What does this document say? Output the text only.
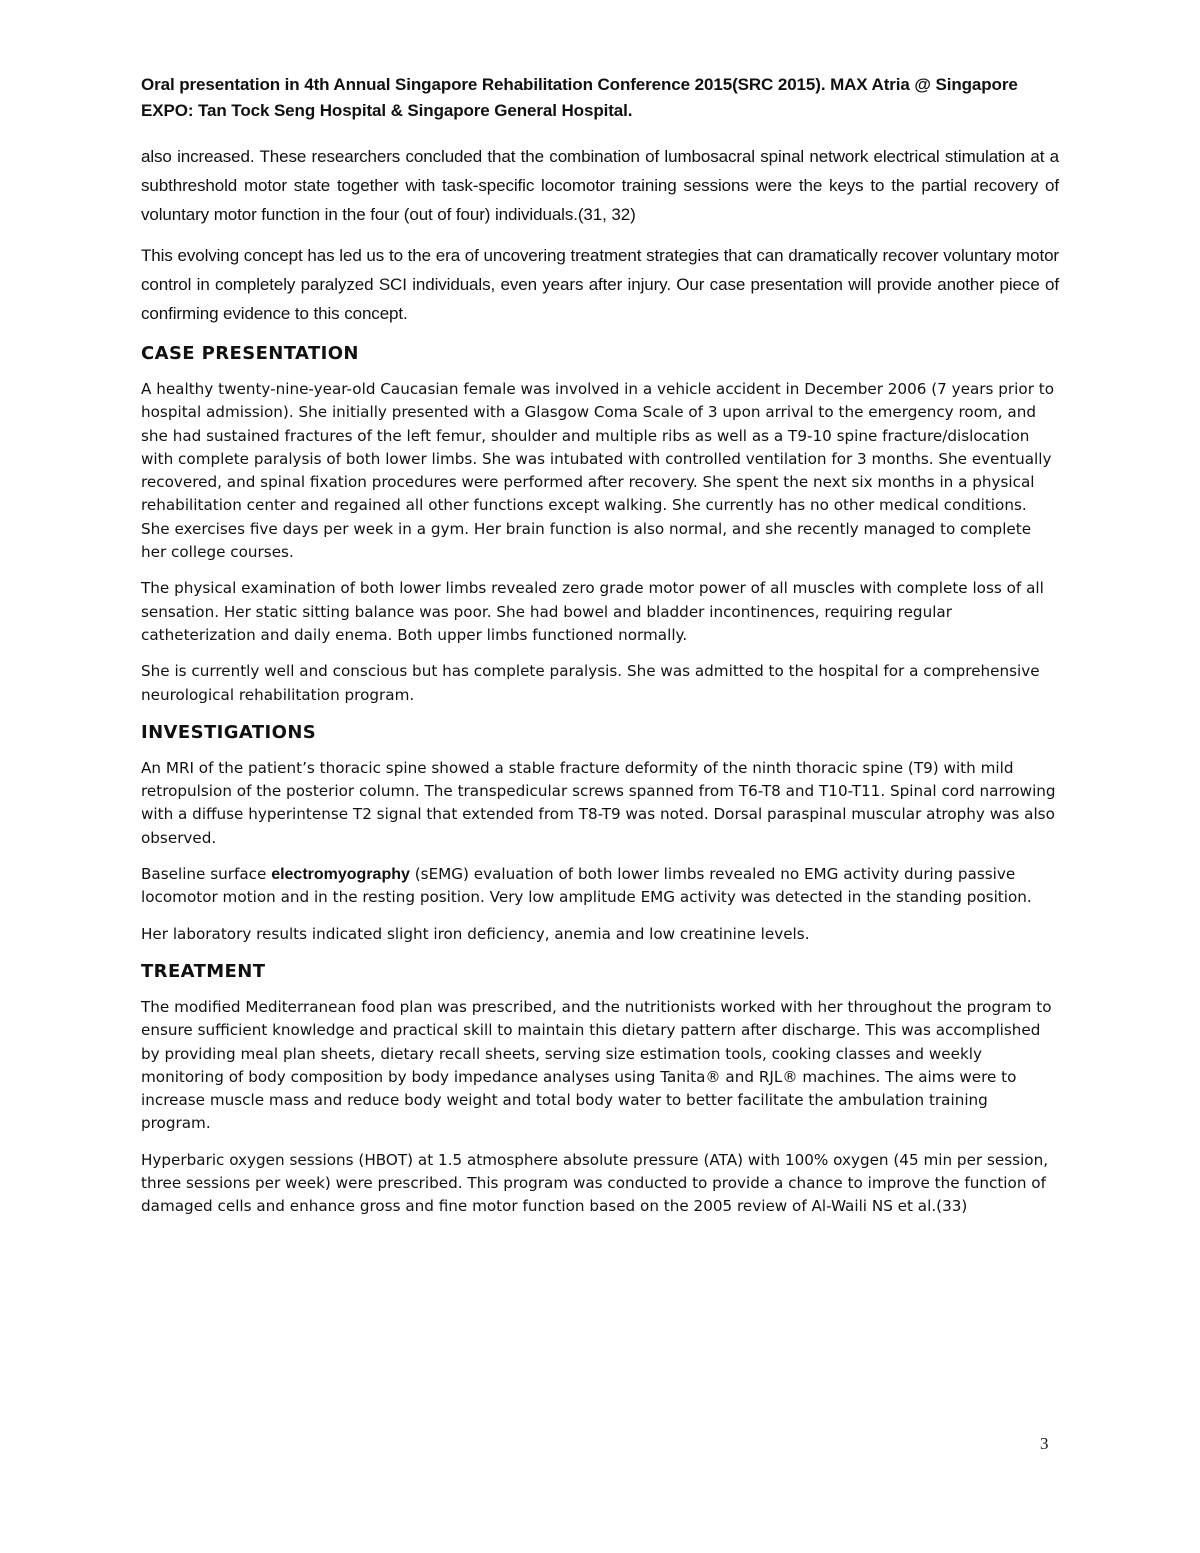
Oral presentation in 4th Annual Singapore Rehabilitation Conference 2015(SRC 2015). MAX Atria @ Singapore EXPO: Tan Tock Seng Hospital & Singapore General Hospital.

also increased. These researchers concluded that the combination of lumbosacral spinal network electrical stimulation at a subthreshold motor state together with task-specific locomotor training sessions were the keys to the partial recovery of voluntary motor function in the four (out of four) individuals.(31, 32)

This evolving concept has led us to the era of uncovering treatment strategies that can dramatically recover voluntary motor control in completely paralyzed SCI individuals, even years after injury. Our case presentation will provide another piece of confirming evidence to this concept.

CASE PRESENTATION

A healthy twenty-nine-year-old Caucasian female was involved in a vehicle accident in December 2006 (7 years prior to hospital admission). She initially presented with a Glasgow Coma Scale of 3 upon arrival to the emergency room, and she had sustained fractures of the left femur, shoulder and multiple ribs as well as a T9-10 spine fracture/dislocation with complete paralysis of both lower limbs. She was intubated with controlled ventilation for 3 months. She eventually recovered, and spinal fixation procedures were performed after recovery. She spent the next six months in a physical rehabilitation center and regained all other functions except walking. She currently has no other medical conditions. She exercises five days per week in a gym. Her brain function is also normal, and she recently managed to complete her college courses.

The physical examination of both lower limbs revealed zero grade motor power of all muscles with complete loss of all sensation. Her static sitting balance was poor. She had bowel and bladder incontinences, requiring regular catheterization and daily enema. Both upper limbs functioned normally.

She is currently well and conscious but has complete paralysis. She was admitted to the hospital for a comprehensive neurological rehabilitation program.

INVESTIGATIONS

An MRI of the patient’s thoracic spine showed a stable fracture deformity of the ninth thoracic spine (T9) with mild retropulsion of the posterior column. The transpedicular screws spanned from T6-T8 and T10-T11. Spinal cord narrowing with a diffuse hyperintense T2 signal that extended from T8-T9 was noted. Dorsal paraspinal muscular atrophy was also observed.

Baseline surface electromyography (sEMG) evaluation of both lower limbs revealed no EMG activity during passive locomotor motion and in the resting position. Very low amplitude EMG activity was detected in the standing position.

Her laboratory results indicated slight iron deficiency, anemia and low creatinine levels.

TREATMENT

The modified Mediterranean food plan was prescribed, and the nutritionists worked with her throughout the program to ensure sufficient knowledge and practical skill to maintain this dietary pattern after discharge. This was accomplished by providing meal plan sheets, dietary recall sheets, serving size estimation tools, cooking classes and weekly monitoring of body composition by body impedance analyses using Tanita® and RJL® machines. The aims were to increase muscle mass and reduce body weight and total body water to better facilitate the ambulation training program.

Hyperbaric oxygen sessions (HBOT) at 1.5 atmosphere absolute pressure (ATA) with 100% oxygen (45 min per session, three sessions per week) were prescribed. This program was conducted to provide a chance to improve the function of damaged cells and enhance gross and fine motor function based on the 2005 review of Al-Waili NS et al.(33)

3
